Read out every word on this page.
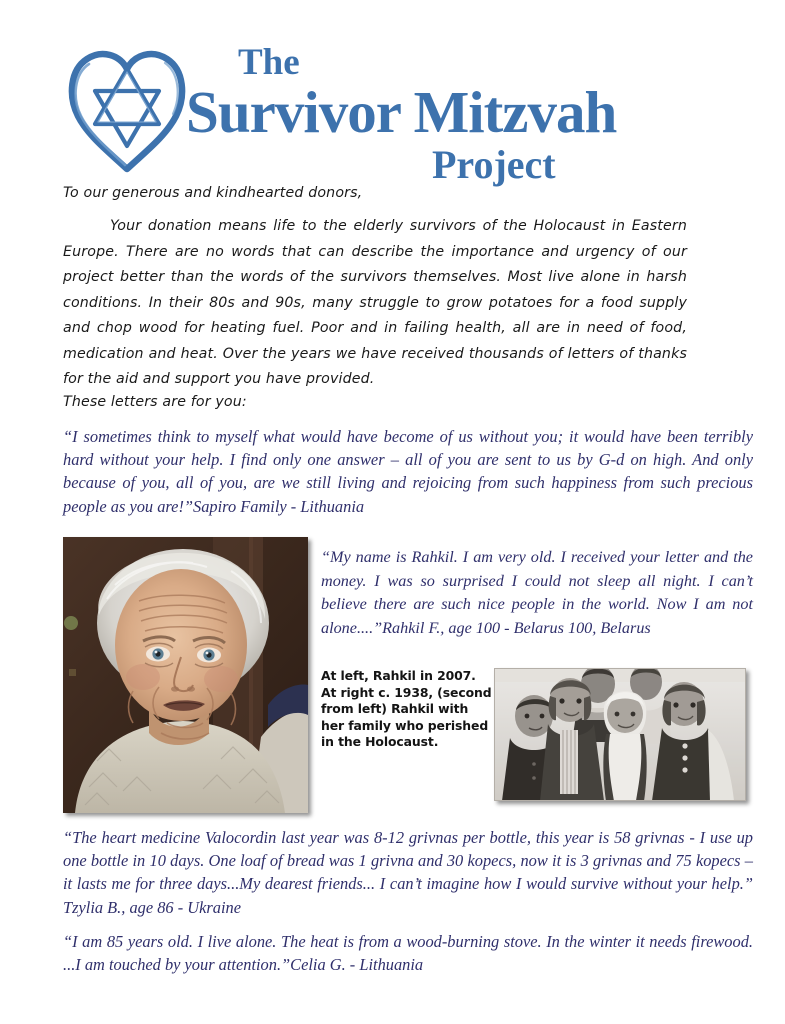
The
Survivor Mitzvah
Project
To our generous and kindhearted donors,
Your donation means life to the elderly survivors of the Holocaust in Eastern Europe. There are no words that can describe the importance and urgency of our project better than the words of the survivors themselves. Most live alone in harsh conditions. In their 80s and 90s, many struggle to grow potatoes for a food supply and chop wood for heating fuel. Poor and in failing health, all are in need of food, medication and heat. Over the years we have received thousands of letters of thanks for the aid and support you have provided.
These letters are for you:
“I sometimes think to myself what would have become of us without you; it would have been terribly hard without your help. I find only one answer – all of you are sent to us by G-d on high. And only because of you, all of you, are we still living and rejoicing from such happiness from such precious people as you are!”Sapiro Family - Lithuania
“My name is Rahkil. I am very old. I received your letter and the money. I was so surprised I could not sleep all night. I can’t believe there are such nice people in the world. Now I am not alone....”Rahkil F., age 100 - Belarus 100, Belarus
At left, Rahkil in 2007. At right c. 1938, (second from left) Rahkil with her family who perished in the Holocaust.
“The heart medicine Valocordin last year was 8-12 grivnas per bottle, this year is 58 grivnas - I use up one bottle in 10 days. One loaf of bread was 1 grivna and 30 kopecs, now it is 3 grivnas and 75 kopecs –it lasts me for three days...My dearest friends... I can’t imagine how I would survive without your help.” Tzylia B., age 86 - Ukraine
“I am 85 years old. I live alone. The heat is from a wood-burning stove. In the winter it needs firewood. ...I am touched by your attention.”Celia G. - Lithuania
